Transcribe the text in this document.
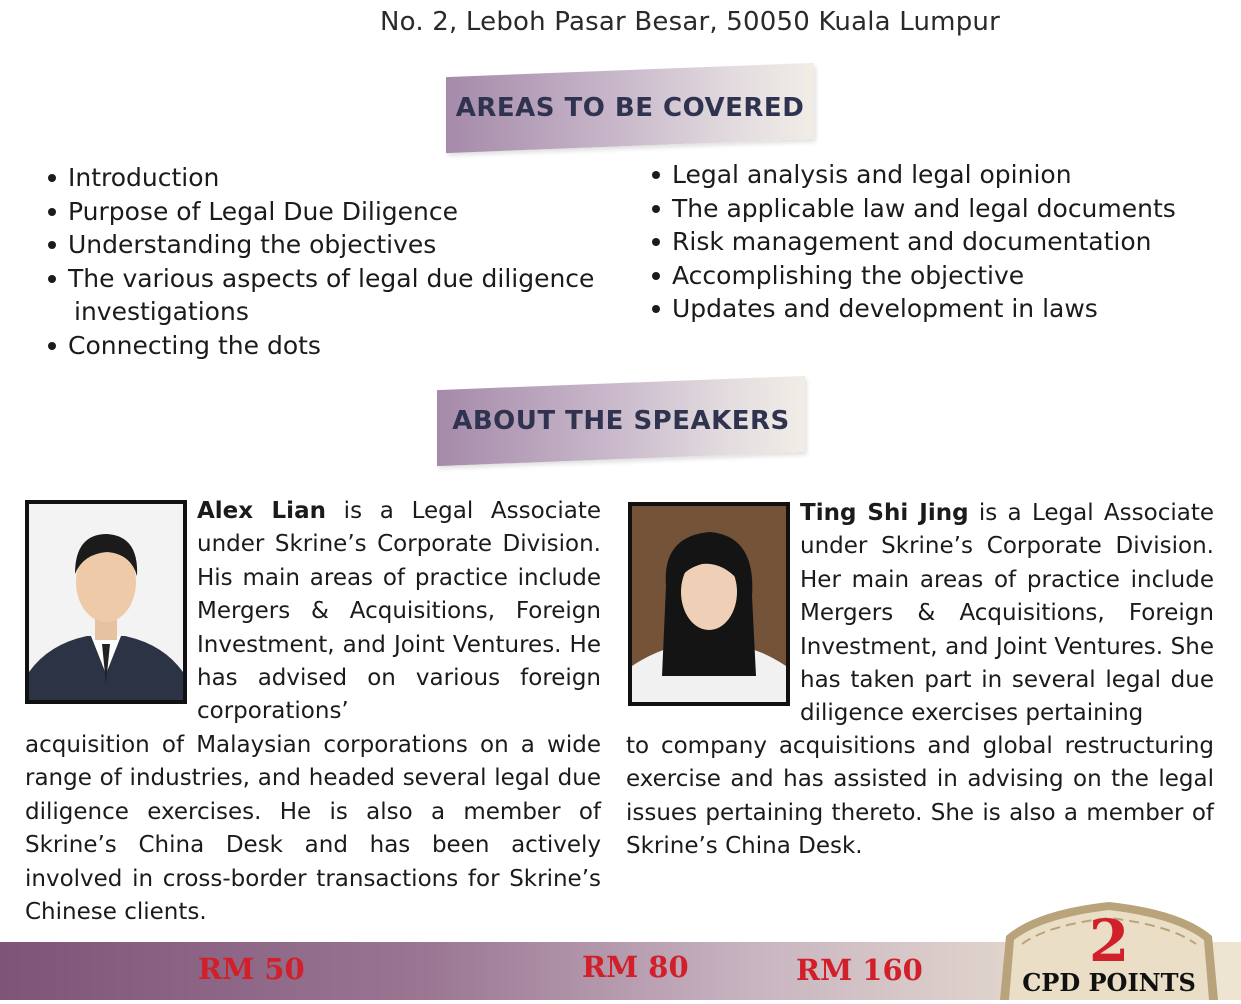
No. 2, Leboh Pasar Besar, 50050 Kuala Lumpur
AREAS TO BE COVERED
Introduction
Purpose of Legal Due Diligence
Understanding the objectives
The various aspects of legal due diligence
investigations
Connecting the dots
Legal analysis and legal opinion
The applicable law and legal documents
Risk management and documentation
Accomplishing the objective
Updates and development in laws
ABOUT THE SPEAKERS
Alex Lian is a Legal Associate under Skrine’s Corporate Division. His main areas of practice include Mergers & Acquisitions, Foreign Investment, and Joint Ventures. He has advised on various foreign corporations’
acquisition of Malaysian corporations on a wide range of industries, and headed several legal due diligence exercises. He is also a member of Skrine’s China Desk and has been actively involved in cross-border transactions for Skrine’s Chinese clients.
Ting Shi Jing is a Legal Associate under Skrine’s Corporate Division. Her main areas of practice include Mergers & Acquisitions, Foreign Investment, and Joint Ventures. She has taken part in several legal due diligence exercises pertaining
to company acquisitions and global restructuring exercise and has assisted in advising on the legal issues pertaining thereto. She is also a member of Skrine’s China Desk.
RM 50	RM 80	RM 160	2
CPD POINTS
